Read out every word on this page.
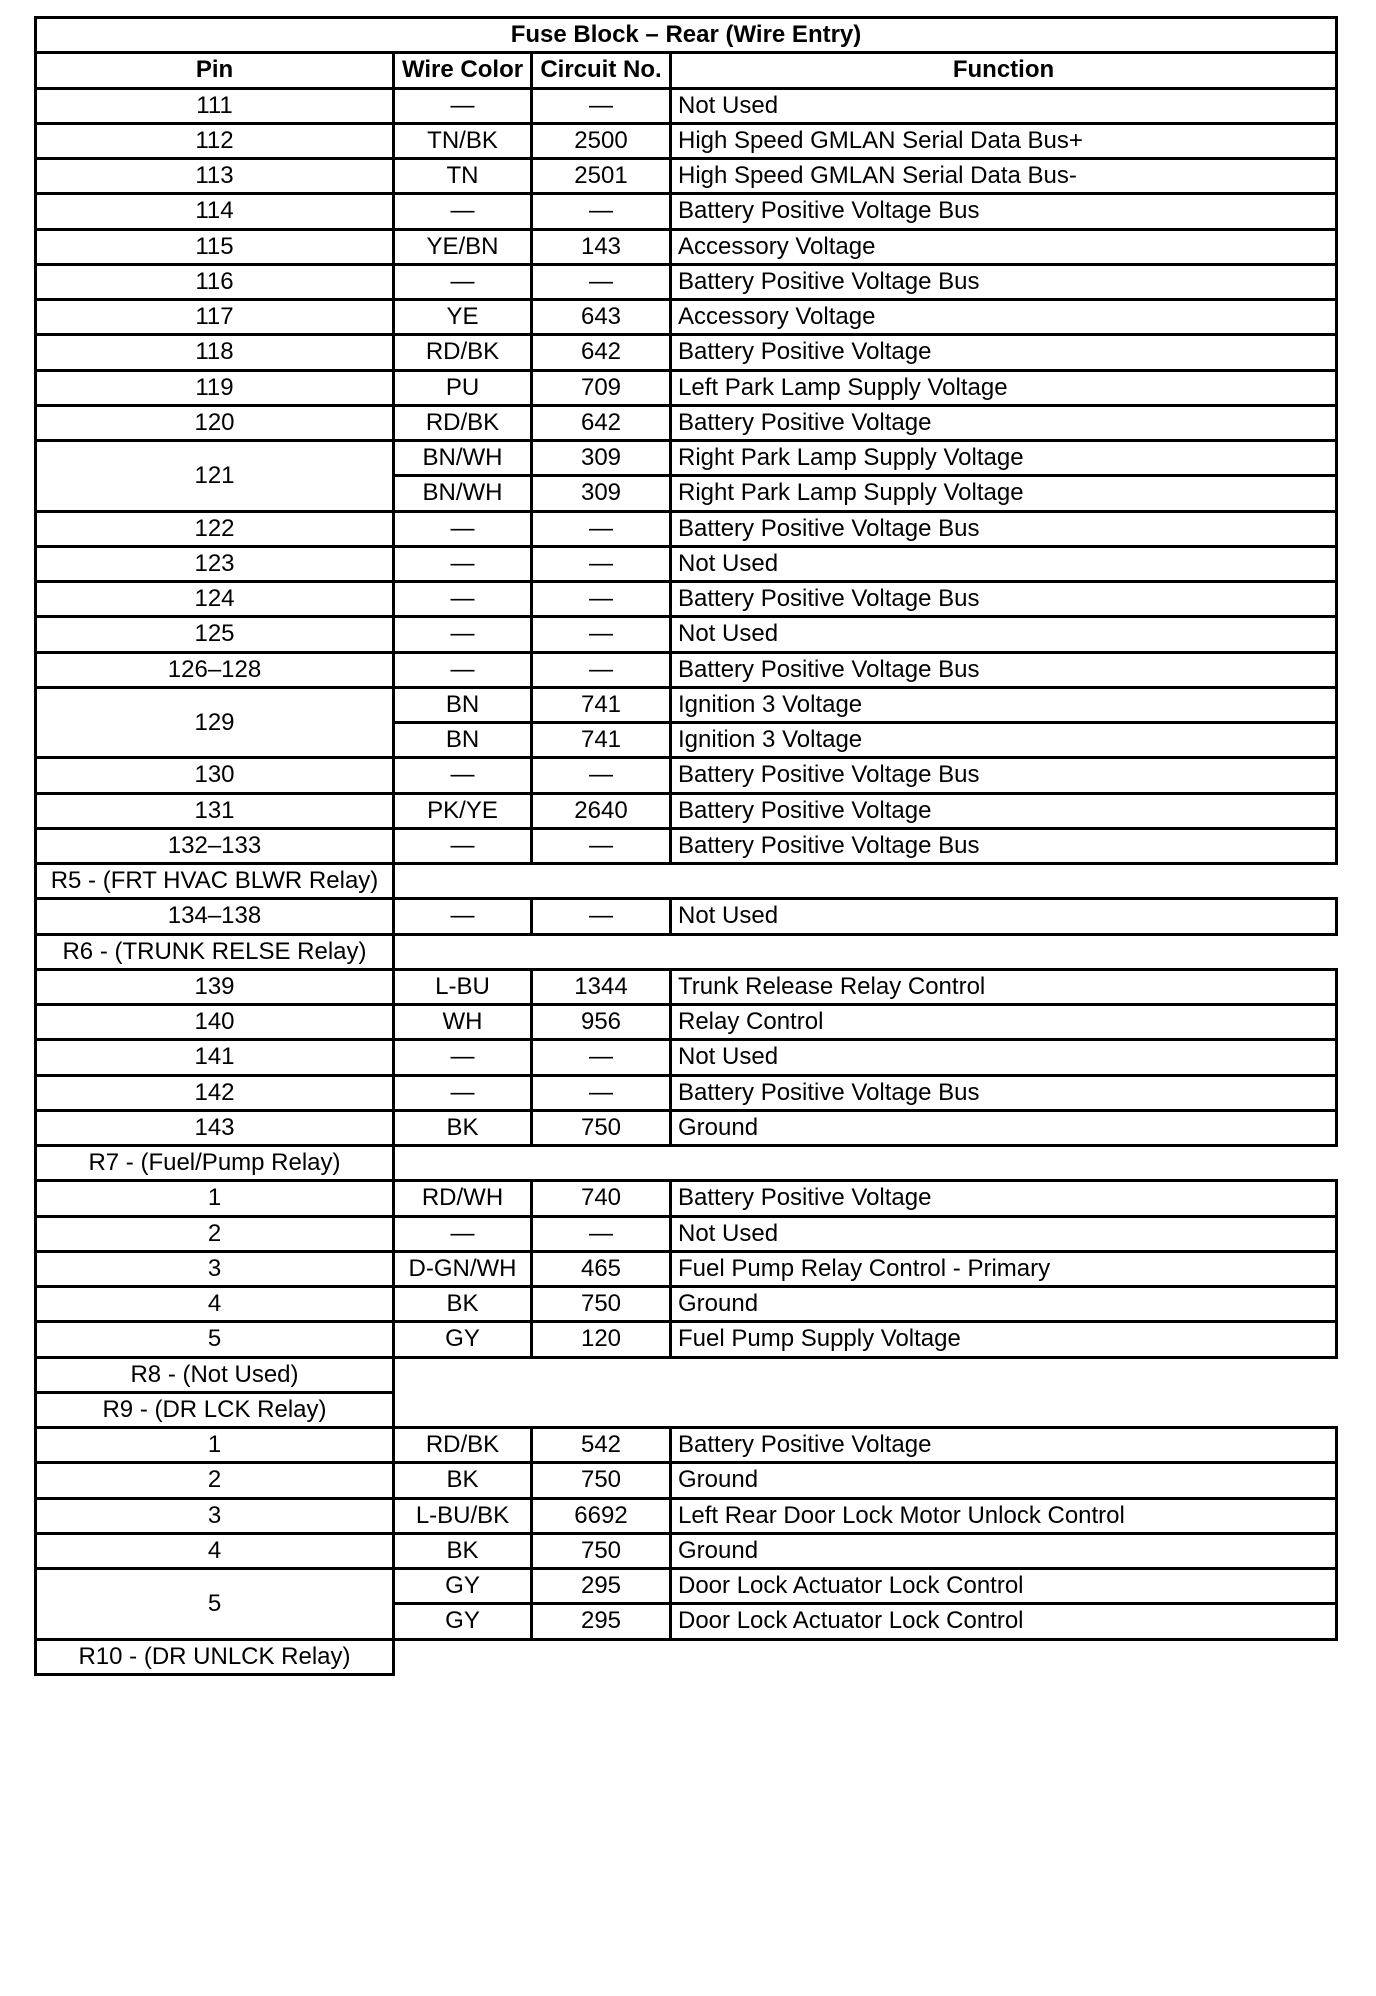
Fuse Block – Rear (Wire Entry)			
Pin	Wire Color	Circuit No.	Function
111	—	—	Not Used
112	TN/BK	2500	High Speed GMLAN Serial Data Bus+
113	TN	2501	High Speed GMLAN Serial Data Bus-
114	—	—	Battery Positive Voltage Bus
115	YE/BN	143	Accessory Voltage
116	—	—	Battery Positive Voltage Bus
117	YE	643	Accessory Voltage
118	RD/BK	642	Battery Positive Voltage
119	PU	709	Left Park Lamp Supply Voltage
120	RD/BK	642	Battery Positive Voltage
121	BN/WH	309	Right Park Lamp Supply Voltage
	BN/WH	309	Right Park Lamp Supply Voltage
122	—	—	Battery Positive Voltage Bus
123	—	—	Not Used
124	—	—	Battery Positive Voltage Bus
125	—	—	Not Used
126–128	—	—	Battery Positive Voltage Bus
129	BN	741	Ignition 3 Voltage
	BN	741	Ignition 3 Voltage
130	—	—	Battery Positive Voltage Bus
131	PK/YE	2640	Battery Positive Voltage
132–133	—	—	Battery Positive Voltage Bus
R5 - (FRT HVAC BLWR Relay)			
134–138	—	—	Not Used
R6 - (TRUNK RELSE Relay)			
139	L-BU	1344	Trunk Release Relay Control
140	WH	956	Relay Control
141	—	—	Not Used
142	—	—	Battery Positive Voltage Bus
143	BK	750	Ground
R7 - (Fuel/Pump Relay)			
1	RD/WH	740	Battery Positive Voltage
2	—	—	Not Used
3	D-GN/WH	465	Fuel Pump Relay Control - Primary
4	BK	750	Ground
5	GY	120	Fuel Pump Supply Voltage
R8 - (Not Used)			
R9 - (DR LCK Relay)			
1	RD/BK	542	Battery Positive Voltage
2	BK	750	Ground
3	L-BU/BK	6692	Left Rear Door Lock Motor Unlock Control
4	BK	750	Ground
5	GY	295	Door Lock Actuator Lock Control
	GY	295	Door Lock Actuator Lock Control
R10 - (DR UNLCK Relay)			
